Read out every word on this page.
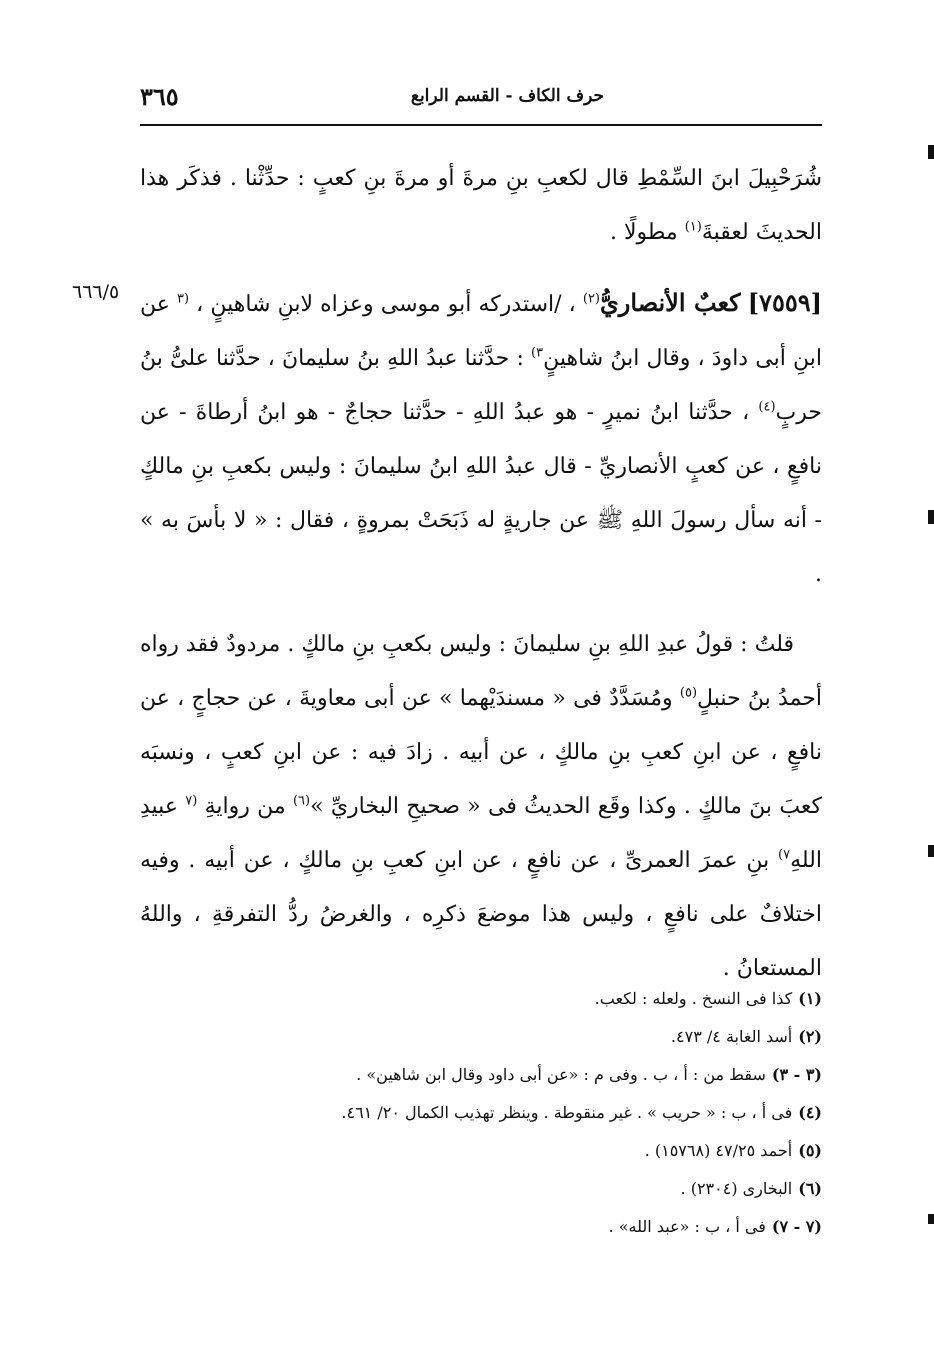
حرف الكاف - القسم الرابع
٣٦٥
٦٦٦/٥

شُرَحْبِيلَ ابنَ السِّمْطِ قال لكعبِ بنِ مرةَ أو مرةَ بنِ كعبٍ : حدِّثْنا . فذكَر هذا الحديثَ لعقبةَ$^{(١)}$ مطولًا .

[٧٥٥٩] كعبٌ الأنصاريُّ$^{(٢)}$ ، /استدركه أبو موسى وعزاه لابنِ شاهينٍ ، $^{(٣}$ عن ابنِ أبى داودَ ، وقال ابنُ شاهينٍ$^{٣)}$ : حدَّثنا عبدُ اللهِ بنُ سليمانَ ، حدَّثنا علىُّ بنُ حربٍ$^{(٤)}$ ، حدَّثنا ابنُ نميرٍ - هو عبدُ اللهِ - حدَّثنا حجاجٌ - هو ابنُ أرطاةَ - عن نافعٍ ، عن كعبٍ الأنصاريِّ - قال عبدُ اللهِ ابنُ سليمانَ : وليس بكعبِ بنِ مالكٍ - أنه سأل رسولَ اللهِ ﷺ عن جاريةٍ له ذَبَحَتْ بمروةٍ ، فقال : « لا بأسَ به » .

قلتُ : قولُ عبدِ اللهِ بنِ سليمانَ : وليس بكعبِ بنِ مالكٍ . مردودٌ فقد رواه أحمدُ بنُ حنبلٍ$^{(٥)}$ ومُسَدَّدٌ فى « مسندَيْهما » عن أبى معاويةَ ، عن حجاجٍ ، عن نافعٍ ، عن ابنِ كعبِ بنِ مالكٍ ، عن أبيه . زادَ فيه : عن ابنِ كعبٍ ، ونسبَه كعبَ بنَ مالكٍ . وكذا وقَع الحديثُ فى « صحيحِ البخاريِّ »$^{(٦)}$ من روايةِ $^{(٧}$ عبيدِ اللهِ$^{٧)}$ بنِ عمرَ العمرىِّ ، عن نافعٍ ، عن ابنِ كعبِ بنِ مالكٍ ، عن أبيه . وفيه اختلافٌ على نافعٍ ، وليس هذا موضعَ ذكرِه ، والغرضُ ردُّ التفرقةِ ، واللهُ المستعانُ .

(١)كذا فى النسخ . ولعله : لكعب.

(٢)أسد الغابة ٤/ ٤٧٣.

(٣ - ٣)سقط من : أ ، ب . وفى م : «عن أبى داود وقال ابن شاهين» .

(٤)فى أ ، ب : « حريب » . غير منقوطة . وينظر تهذيب الكمال ٢٠/ ٤٦١.

(٥)أحمد ٤٧/٢٥ (١٥٧٦٨) .

(٦)البخارى (٢٣٠٤) .

(٧ - ٧)فى أ ، ب : «عبد الله» .
